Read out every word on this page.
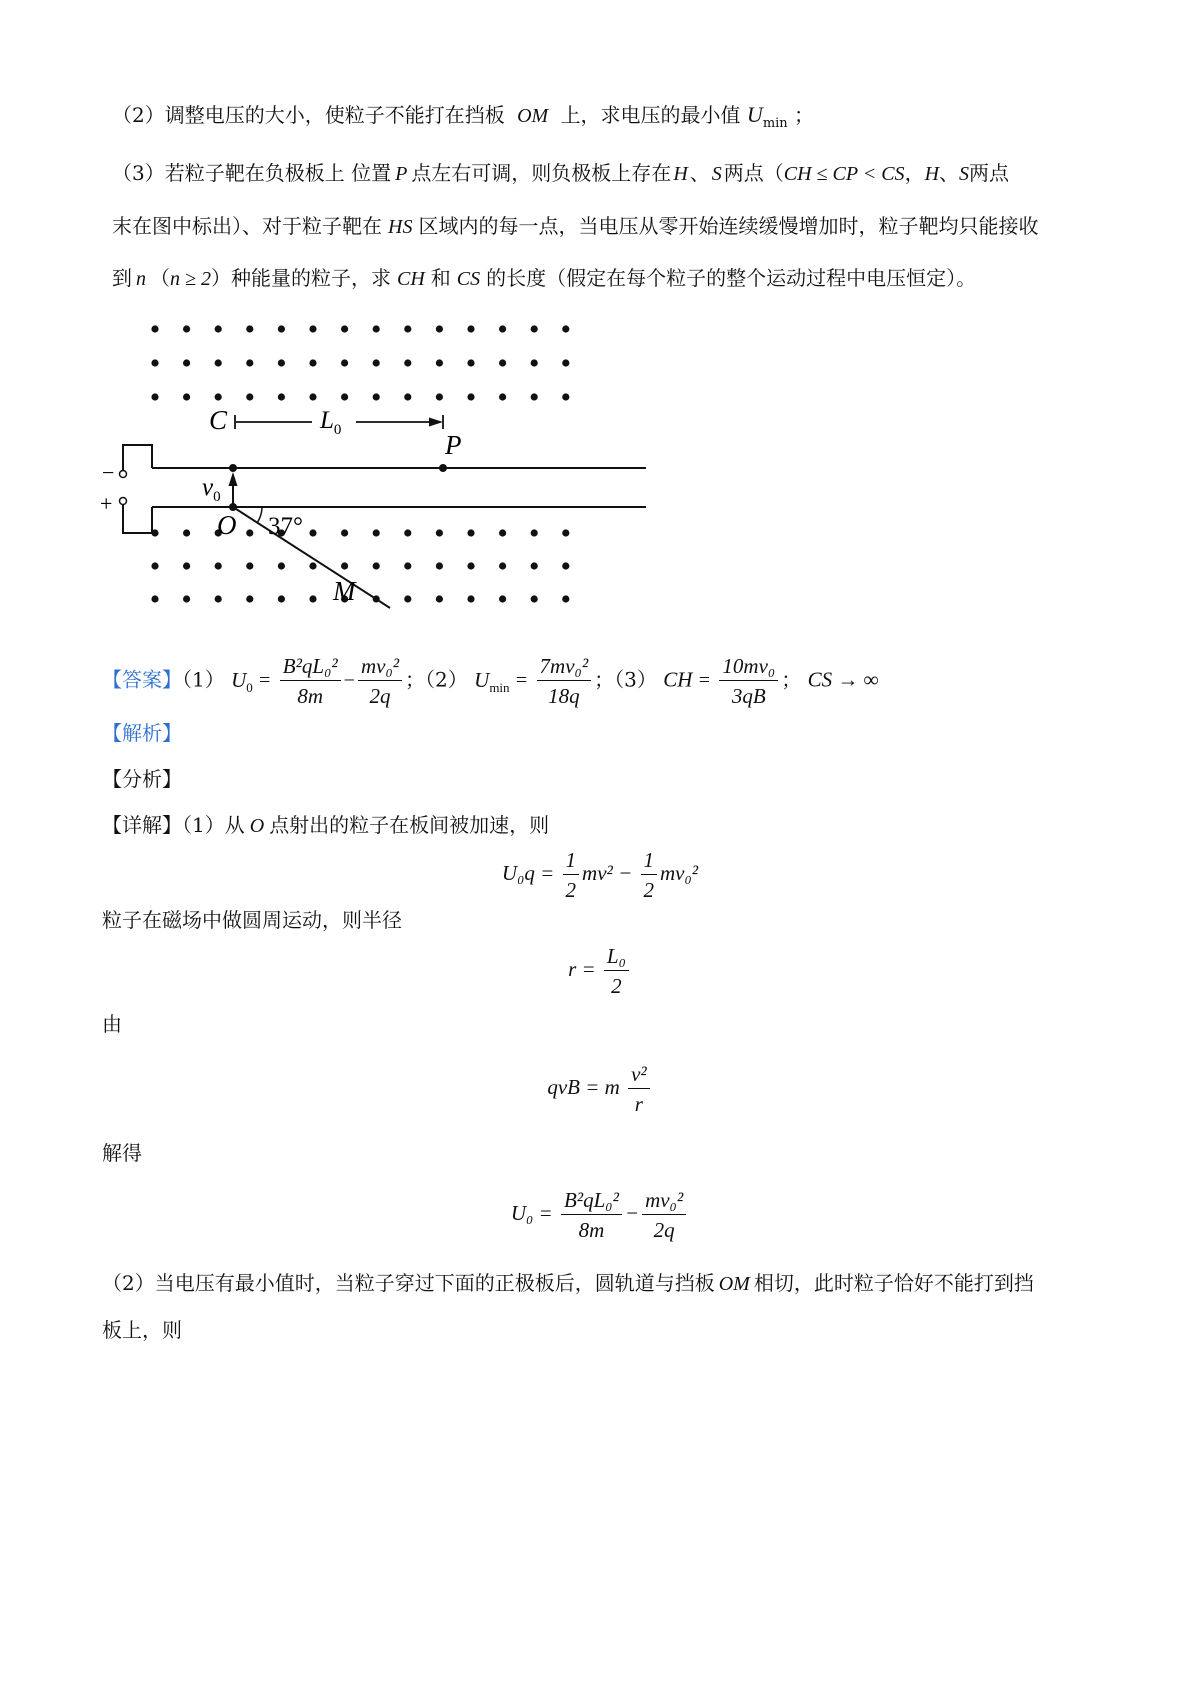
（2）调整电压的大小，使粒子不能打在挡板 OM 上，求电压的最小值 $U_{min}$ ；
（3）若粒子靶在负极板上 位置 P 点左右可调，则负极板上存在 H 、 S 两点（CH ≤ CP < CS，H、S两点
末在图中标出）、对于粒子靶在 HS 区域内的每一点，当电压从零开始连续缓慢增加时，粒子靶均只能接收
到 n （n ≥ 2）种能量的粒子，求 CH 和 CS 的长度（假定在每个粒子的整个运动过程中电压恒定）。
−
+
C	$L_0$	P
$v_0$
O 37°
M
【答案】（1） $U_0 = \frac{\text{B²qL₀²}}{8m} - \frac{\text{mv₀²}}{2q}$ ；（2） $U_{min} = \frac{\text{7mv₀²}}{18q}$ ；（3） CH = $\frac{\text{10mv₀}}{3qB}$ ； CS → ∞
【解析】
【分析】
【详解】（1）从 O 点射出的粒子在板间被加速，则
$U_0q = \frac{1}{2} mv^2 - \frac{1}{2} mv_0^2$
粒子在磁场中做圆周运动，则半径
$r = \frac{\text{L₀}}{2}$
由
qvB = m $\frac{\text{v²}}{r}$
解得
$U_0 = \frac{\text{B²qL₀²}}{8m} - \frac{\text{mv₀²}}{2q}$
（2）当电压有最小值时，当粒子穿过下面的正极板后，圆轨道与挡板 OM 相切，此时粒子恰好不能打到挡
板上，则
